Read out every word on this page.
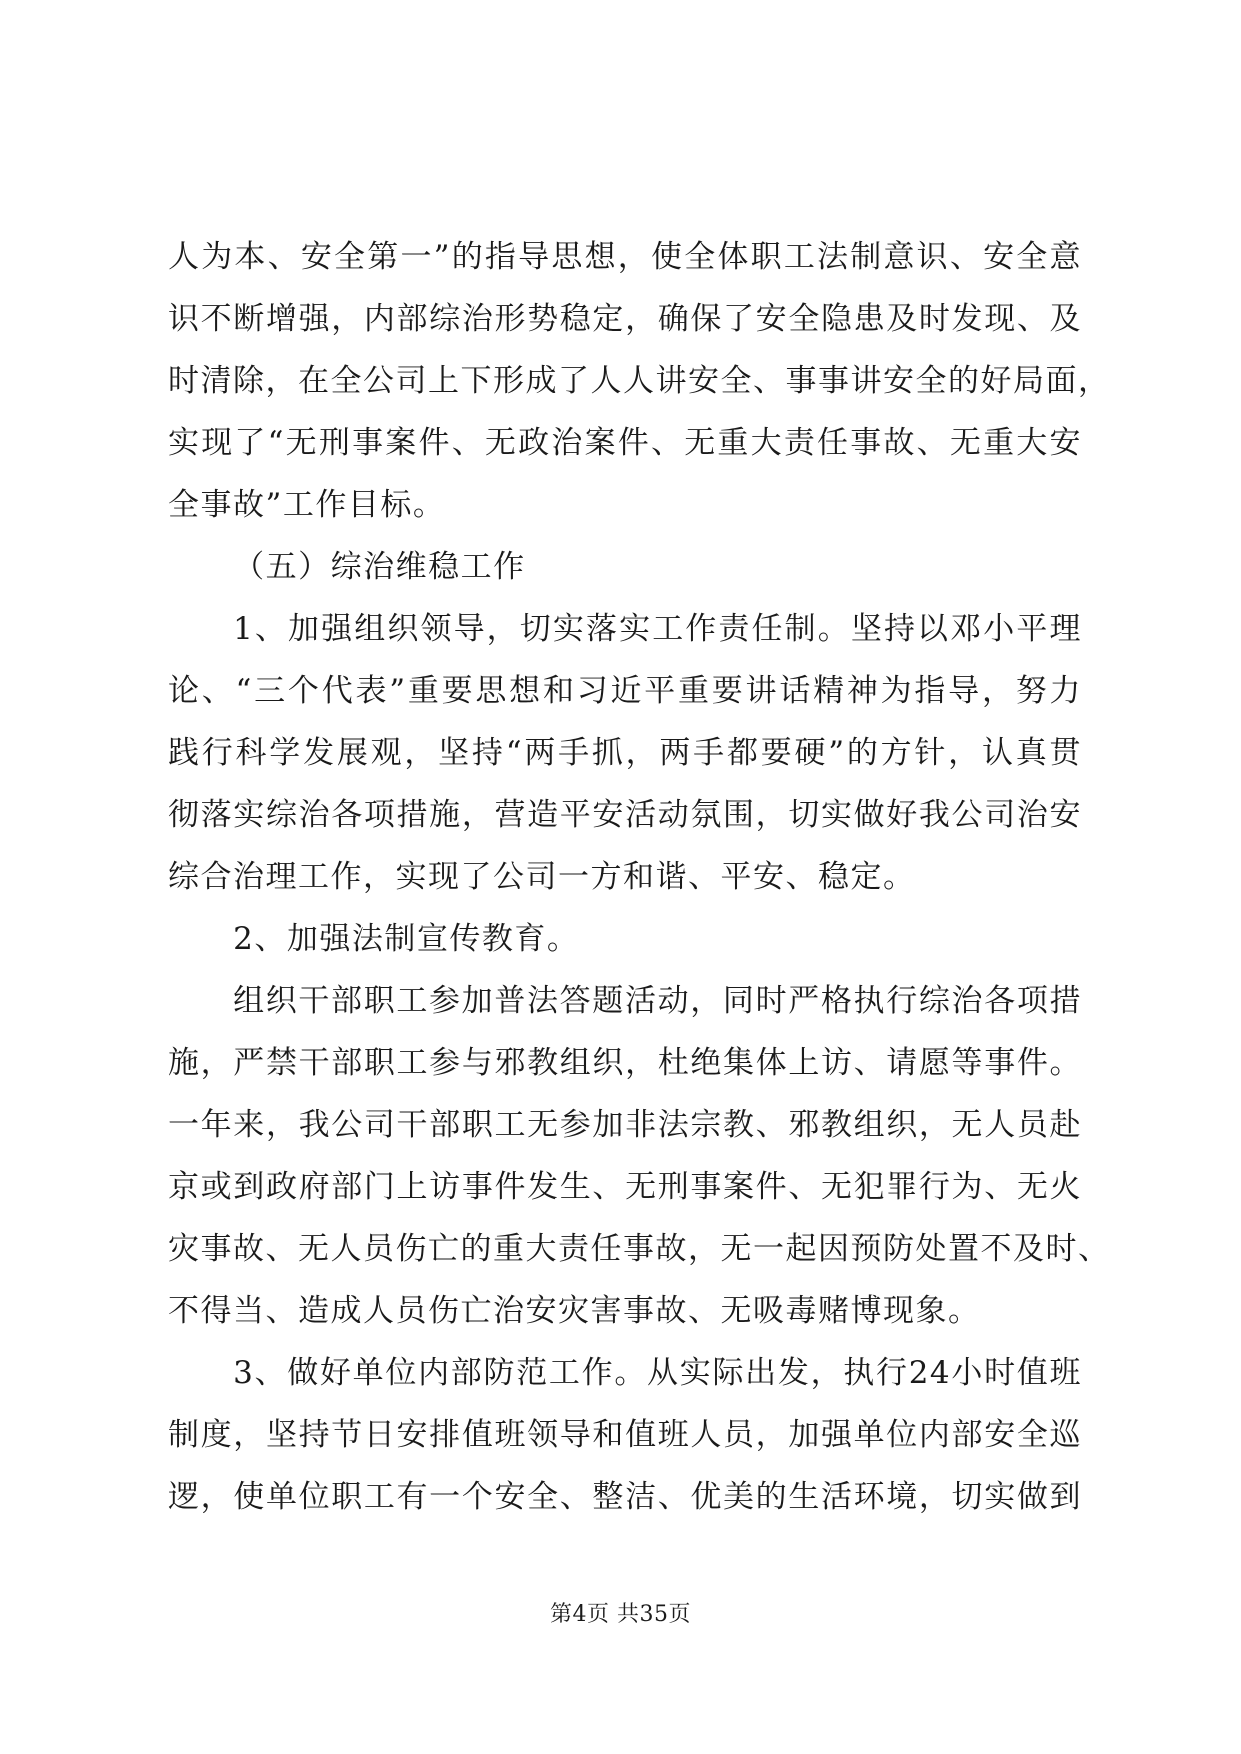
人为本、安全第一”的指导思想，使全体职工法制意识、安全意
识不断增强，内部综治形势稳定，确保了安全隐患及时发现、及
时清除，在全公司上下形成了人人讲安全、事事讲安全的好局面，
实现了“无刑事案件、无政治案件、无重大责任事故、无重大安
全事故”工作目标。
（五）综治维稳工作
1、加强组织领导，切实落实工作责任制。坚持以邓小平理
论、“三个代表”重要思想和习近平重要讲话精神为指导，努力
践行科学发展观，坚持“两手抓，两手都要硬”的方针，认真贯
彻落实综治各项措施，营造平安活动氛围，切实做好我公司治安
综合治理工作，实现了公司一方和谐、平安、稳定。
2、加强法制宣传教育。
组织干部职工参加普法答题活动，同时严格执行综治各项措
施，严禁干部职工参与邪教组织，杜绝集体上访、请愿等事件。
一年来，我公司干部职工无参加非法宗教、邪教组织，无人员赴
京或到政府部门上访事件发生、无刑事案件、无犯罪行为、无火
灾事故、无人员伤亡的重大责任事故，无一起因预防处置不及时、
不得当、造成人员伤亡治安灾害事故、无吸毒赌博现象。
3、做好单位内部防范工作。从实际出发，执行24小时值班
制度，坚持节日安排值班领导和值班人员，加强单位内部安全巡
逻，使单位职工有一个安全、整洁、优美的生活环境，切实做到
第4页 共35页
